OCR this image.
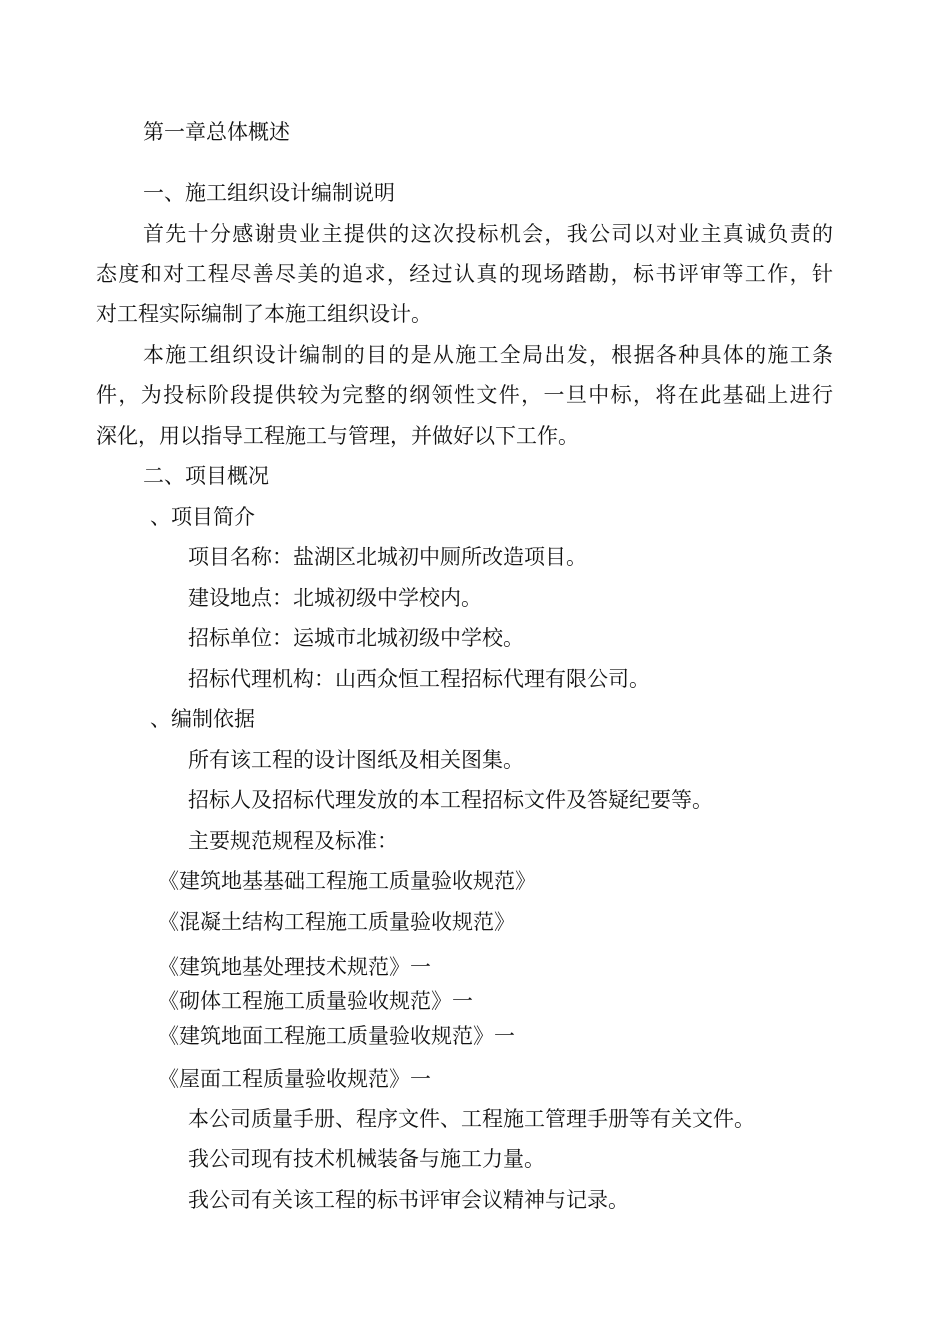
第一章总体概述

一、施工组织设计编制说明

首先十分感谢贵业主提供的这次投标机会，我公司以对业主真诚负责的

态度和对工程尽善尽美的追求，经过认真的现场踏勘，标书评审等工作，针

对工程实际编制了本施工组织设计。

本施工组织设计编制的目的是从施工全局出发，根据各种具体的施工条

件，为投标阶段提供较为完整的纲领性文件，一旦中标，将在此基础上进行

深化，用以指导工程施工与管理，并做好以下工作。

二、项目概况

、项目简介

项目名称：盐湖区北城初中厕所改造项目。

建设地点：北城初级中学校内。

招标单位：运城市北城初级中学校。

招标代理机构：山西众恒工程招标代理有限公司。

、编制依据

所有该工程的设计图纸及相关图集。

招标人及招标代理发放的本工程招标文件及答疑纪要等。

主要规范规程及标准：

《建筑地基基础工程施工质量验收规范》

《混凝土结构工程施工质量验收规范》

《建筑地基处理技术规范》一

《砌体工程施工质量验收规范》一

《建筑地面工程施工质量验收规范》一

《屋面工程质量验收规范》一

本公司质量手册、程序文件、工程施工管理手册等有关文件。

我公司现有技术机械装备与施工力量。

我公司有关该工程的标书评审会议精神与记录。
